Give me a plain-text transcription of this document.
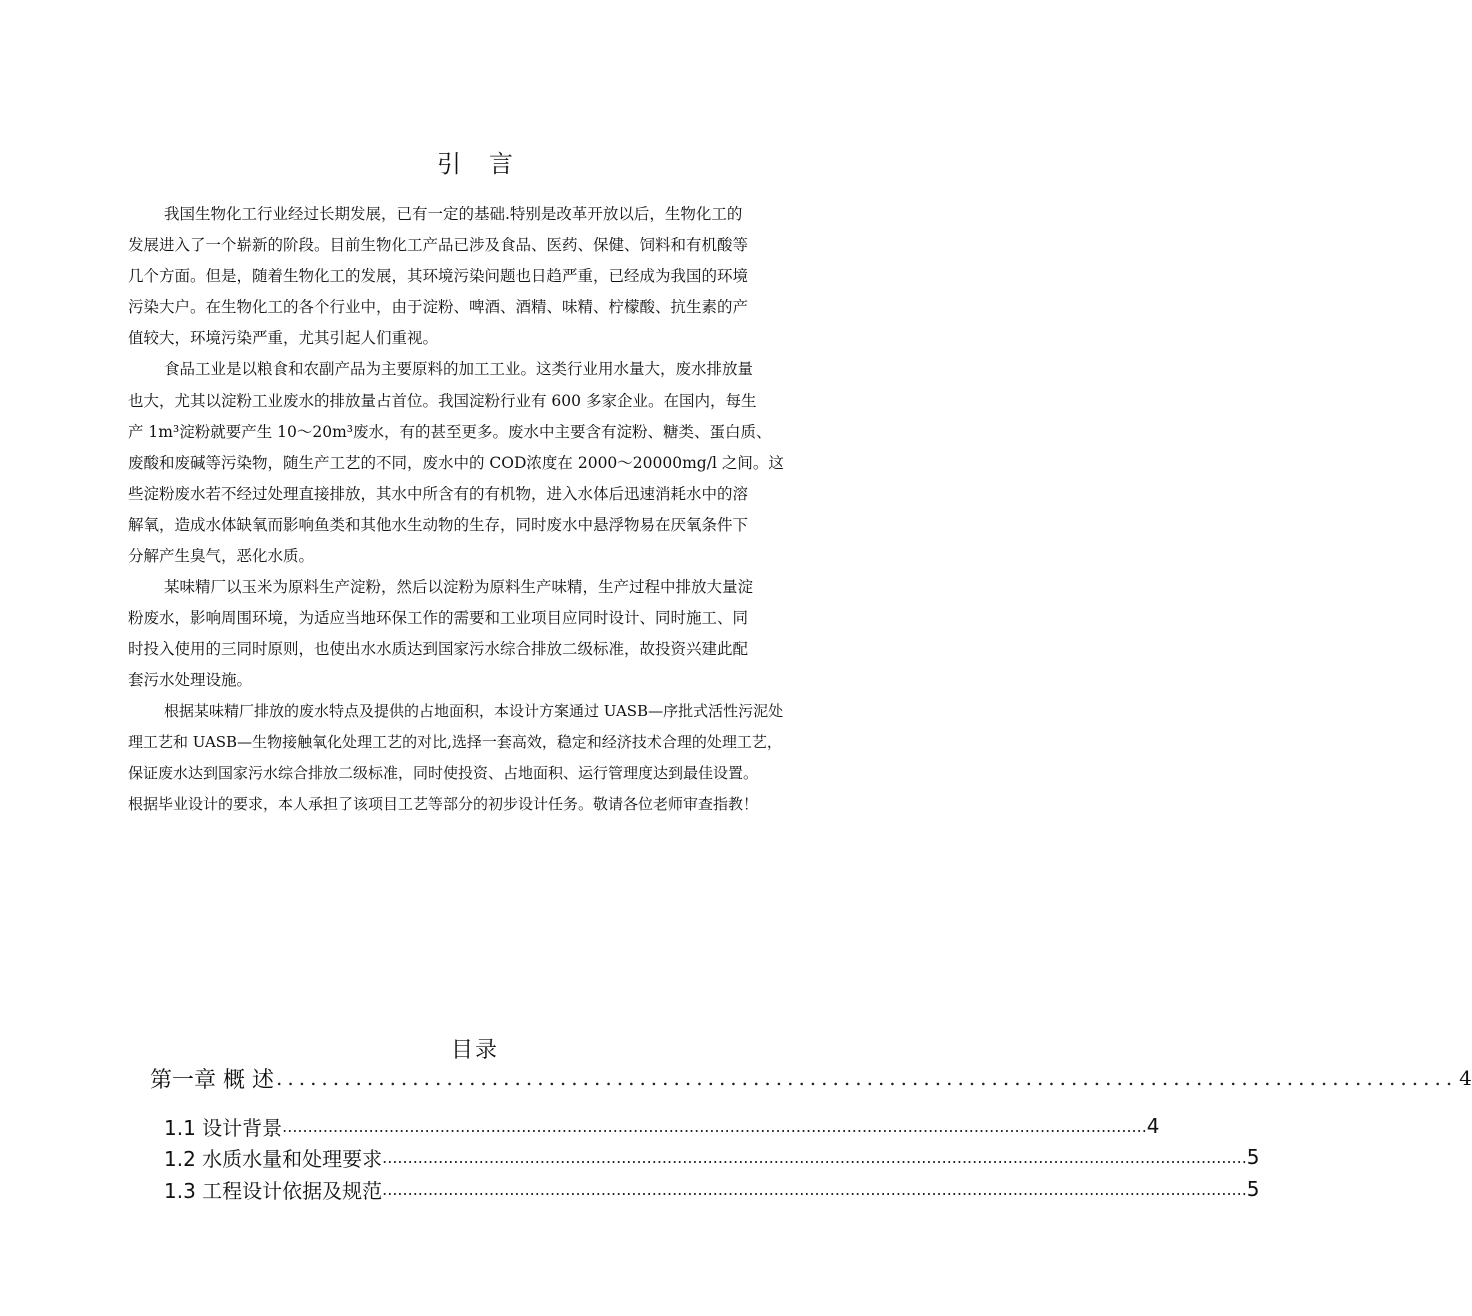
引言
我国生物化工行业经过长期发展，已有一定的基础.特别是改革开放以后，生物化工的
发展进入了一个崭新的阶段。目前生物化工产品已涉及食品、医药、保健、饲料和有机酸等
几个方面。但是，随着生物化工的发展，其环境污染问题也日趋严重，已经成为我国的环境
污染大户。在生物化工的各个行业中，由于淀粉、啤酒、酒精、味精、柠檬酸、抗生素的产
值较大，环境污染严重，尤其引起人们重视。
食品工业是以粮食和农副产品为主要原料的加工工业。这类行业用水量大，废水排放量
也大，尤其以淀粉工业废水的排放量占首位。我国淀粉行业有 600 多家企业。在国内，每生
产 1m³淀粉就要产生 10～20m³废水，有的甚至更多。废水中主要含有淀粉、糖类、蛋白质、
废酸和废碱等污染物，随生产工艺的不同，废水中的 COD浓度在 2000～20000mg/l 之间。这
些淀粉废水若不经过处理直接排放，其水中所含有的有机物，进入水体后迅速消耗水中的溶
解氧，造成水体缺氧而影响鱼类和其他水生动物的生存，同时废水中悬浮物易在厌氧条件下
分解产生臭气，恶化水质。
某味精厂以玉米为原料生产淀粉，然后以淀粉为原料生产味精，生产过程中排放大量淀
粉废水，影响周围环境，为适应当地环保工作的需要和工业项目应同时设计、同时施工、同
时投入使用的三同时原则，也使出水水质达到国家污水综合排放二级标准，故投资兴建此配
套污水处理设施。
根据某味精厂排放的废水特点及提供的占地面积，本设计方案通过 UASB—序批式活性污泥处
理工艺和 UASB—生物接触氧化处理工艺的对比,选择一套高效，稳定和经济技术合理的处理工艺，
保证废水达到国家污水综合排放二级标准，同时使投资、占地面积、运行管理度达到最佳设置。
根据毕业设计的要求，本人承担了该项目工艺等部分的初步设计任务。敬请各位老师审查指教！
目录
第一章 概 述 ........................................................................................................ 4
1.1 设计背景 .......................................................................................................................................................................... 4
1.2 水质水量和处理要求 .......................................................................................................................................................................... 5
1.3 工程设计依据及规范 .......................................................................................................................................................................... 5
